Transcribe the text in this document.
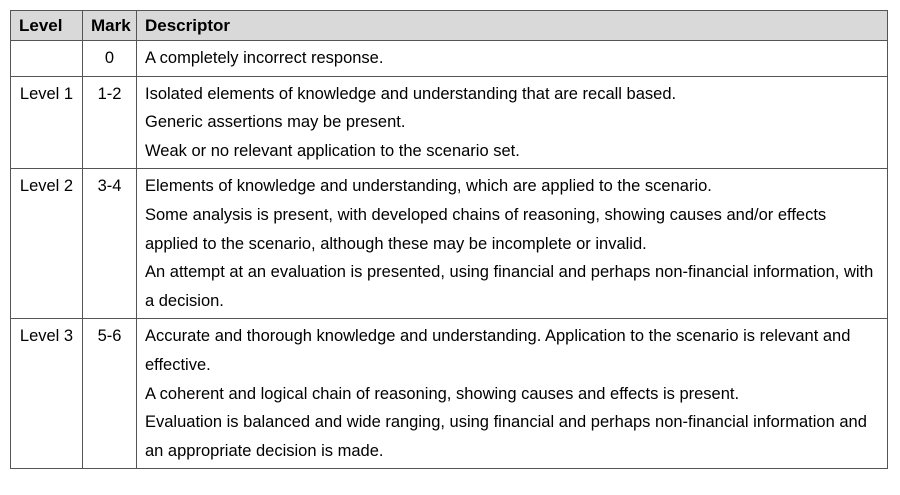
Level	Mark	Descriptor
	0	A completely incorrect response.

Level 1	1-2	Isolated elements of knowledge and understanding that are recall based.
Generic assertions may be present.
Weak or no relevant application to the scenario set.

Level 2	3-4	Elements of knowledge and understanding, which are applied to the scenario.
Some analysis is present, with developed chains of reasoning, showing causes and/or effects applied to the scenario, although these may be incomplete or invalid.
An attempt at an evaluation is presented, using financial and perhaps non-financial information, with a decision.

Level 3	5-6	Accurate and thorough knowledge and understanding. Application to the scenario is relevant and effective.
A coherent and logical chain of reasoning, showing causes and effects is present.
Evaluation is balanced and wide ranging, using financial and perhaps non-financial information and an appropriate decision is made.
